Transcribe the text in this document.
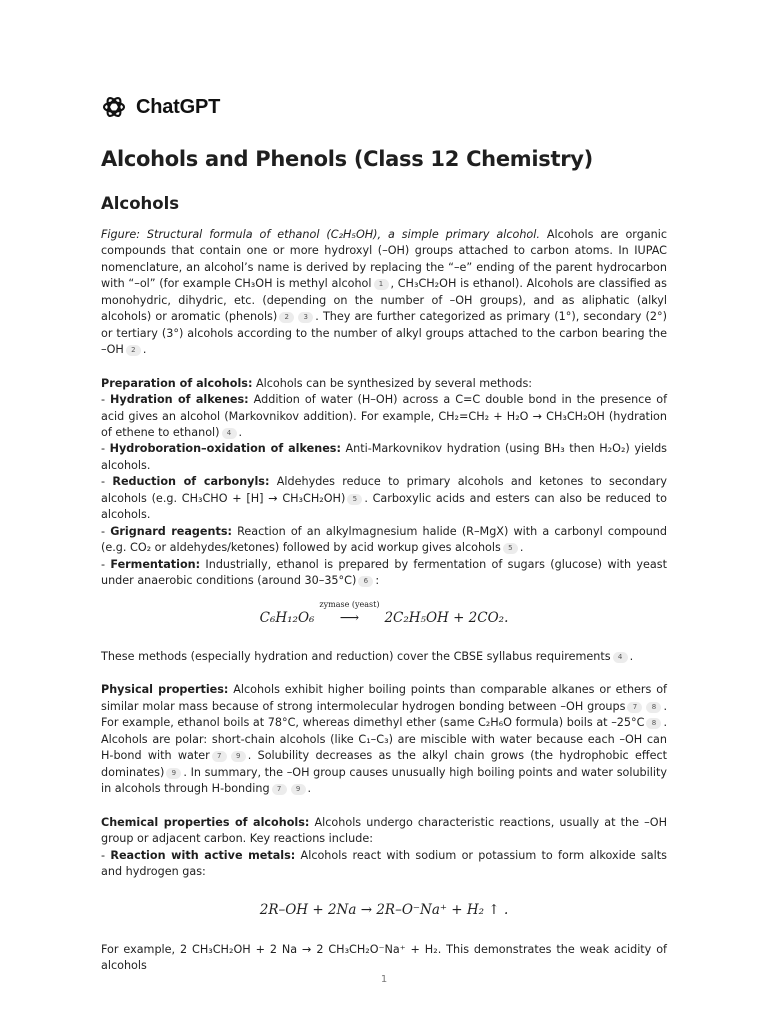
ChatGPT
Alcohols and Phenols (Class 12 Chemistry)
Alcohols

Figure: Structural formula of ethanol (C₂H₅OH), a simple primary alcohol. Alcohols are organic compounds that contain one or more hydroxyl (–OH) groups attached to carbon atoms. In IUPAC nomenclature, an alcohol’s name is derived by replacing the “–e” ending of the parent hydrocarbon with “–ol” (for example CH₃OH is methyl alcohol 1 , CH₃CH₂OH is ethanol). Alcohols are classified as monohydric, dihydric, etc. (depending on the number of –OH groups), and as aliphatic (alkyl alcohols) or aromatic (phenols) 2 3 . They are further categorized as primary (1°), secondary (2°) or tertiary (3°) alcohols according to the number of alkyl groups attached to the carbon bearing the –OH 2 .

Preparation of alcohols: Alcohols can be synthesized by several methods:
- Hydration of alkenes: Addition of water (H–OH) across a C=C double bond in the presence of acid gives an alcohol (Markovnikov addition). For example, CH₂=CH₂ + H₂O → CH₃CH₂OH (hydration of ethene to ethanol) 4 .
- Hydroboration–oxidation of alkenes: Anti-Markovnikov hydration (using BH₃ then H₂O₂) yields alcohols.
- Reduction of carbonyls: Aldehydes reduce to primary alcohols and ketones to secondary alcohols (e.g. CH₃CHO + [H] → CH₃CH₂OH) 5 . Carboxylic acids and esters can also be reduced to alcohols.
- Grignard reagents: Reaction of an alkylmagnesium halide (R–MgX) with a carbonyl compound (e.g. CO₂ or aldehydes/ketones) followed by acid workup gives alcohols 5 .
- Fermentation: Industrially, ethanol is prepared by fermentation of sugars (glucose) with yeast under anaerobic conditions (around 30–35°C) 6 :

C₆H₁₂O₆
zymase (yeast)
⟶ 2C₂H₅OH + 2CO₂.

These methods (especially hydration and reduction) cover the CBSE syllabus requirements 4 .

Physical properties: Alcohols exhibit higher boiling points than comparable alkanes or ethers of similar molar mass because of strong intermolecular hydrogen bonding between –OH groups 7 8 . For example, ethanol boils at 78°C, whereas dimethyl ether (same C₂H₆O formula) boils at –25°C 8 . Alcohols are polar: short-chain alcohols (like C₁–C₃) are miscible with water because each –OH can H-bond with water 7 9 . Solubility decreases as the alkyl chain grows (the hydrophobic effect dominates) 9 . In summary, the –OH group causes unusually high boiling points and water solubility in alcohols through H-bonding 7 9 .

Chemical properties of alcohols: Alcohols undergo characteristic reactions, usually at the –OH group or adjacent carbon. Key reactions include:
- Reaction with active metals: Alcohols react with sodium or potassium to form alkoxide salts and hydrogen gas:

2R–OH + 2Na → 2R–O⁻Na⁺ + H₂ ↑ .

For example, 2 CH₃CH₂OH + 2 Na → 2 CH₃CH₂O⁻Na⁺ + H₂. This demonstrates the weak acidity of alcohols

1
